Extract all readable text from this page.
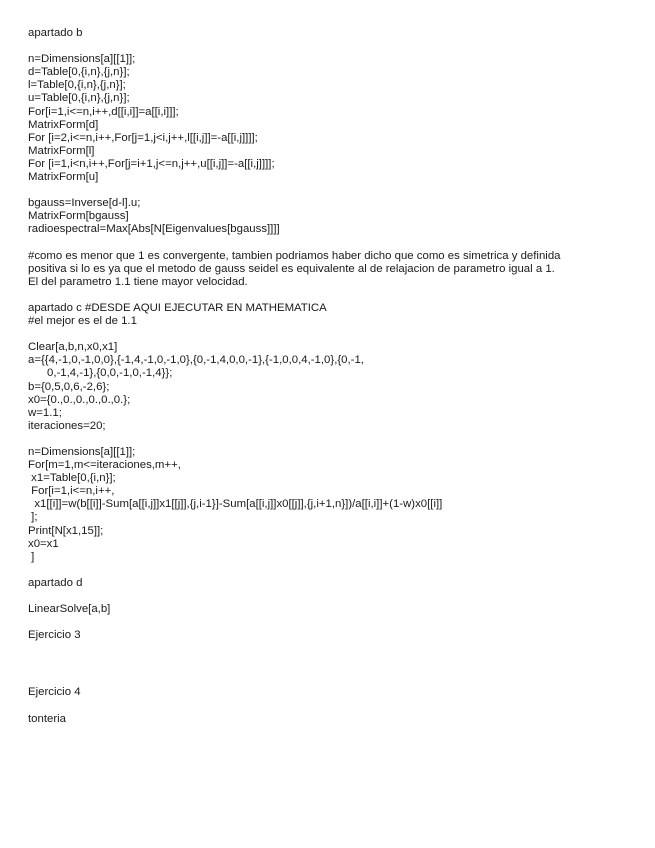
apartado b
n=Dimensions[a][[1]];
d=Table[0,{i,n},{j,n}];
l=Table[0,{i,n},{j,n}];
u=Table[0,{i,n},{j,n}];
For[i=1,i<=n,i++,d[[i,i]]=a[[i,i]]];
MatrixForm[d]
For [i=2,i<=n,i++,For[j=1,j<i,j++,l[[i,j]]=-a[[i,j]]]];
MatrixForm[l]
For [i=1,i<n,i++,For[j=i+1,j<=n,j++,u[[i,j]]=-a[[i,j]]]];
MatrixForm[u]
bgauss=Inverse[d-l].u;
MatrixForm[bgauss]
radioespectral=Max[Abs[N[Eigenvalues[bgauss]]]]
#como es menor que 1 es convergente, tambien podriamos haber dicho que como es simetrica y definida
positiva si lo es ya que el metodo de gauss seidel es equivalente al de relajacion de parametro igual a 1.
El del parametro 1.1 tiene mayor velocidad.
apartado c #DESDE AQUI EJECUTAR EN MATHEMATICA
#el mejor es el de 1.1
Clear[a,b,n,x0,x1]
a={{4,-1,0,-1,0,0},{-1,4,-1,0,-1,0},{0,-1,4,0,0,-1},{-1,0,0,4,-1,0},{0,-1,
0,-1,4,-1},{0,0,-1,0,-1,4}};
b={0,5,0,6,-2,6};
x0={0.,0.,0.,0.,0.,0.};
w=1.1;
iteraciones=20;
n=Dimensions[a][[1]];
For[m=1,m<=iteraciones,m++,
x1=Table[0,{i,n}];
For[i=1,i<=n,i++,
x1[[i]]=w(b[[i]]-Sum[a[[i,j]]x1[[j]],{j,i-1}]-Sum[a[[i,j]]x0[[j]],{j,i+1,n}])/a[[i,i]]+(1-w)x0[[i]]
];
Print[N[x1,15]];
x0=x1
]
apartado d
LinearSolve[a,b]
Ejercicio 3
Ejercicio 4
tonteria
